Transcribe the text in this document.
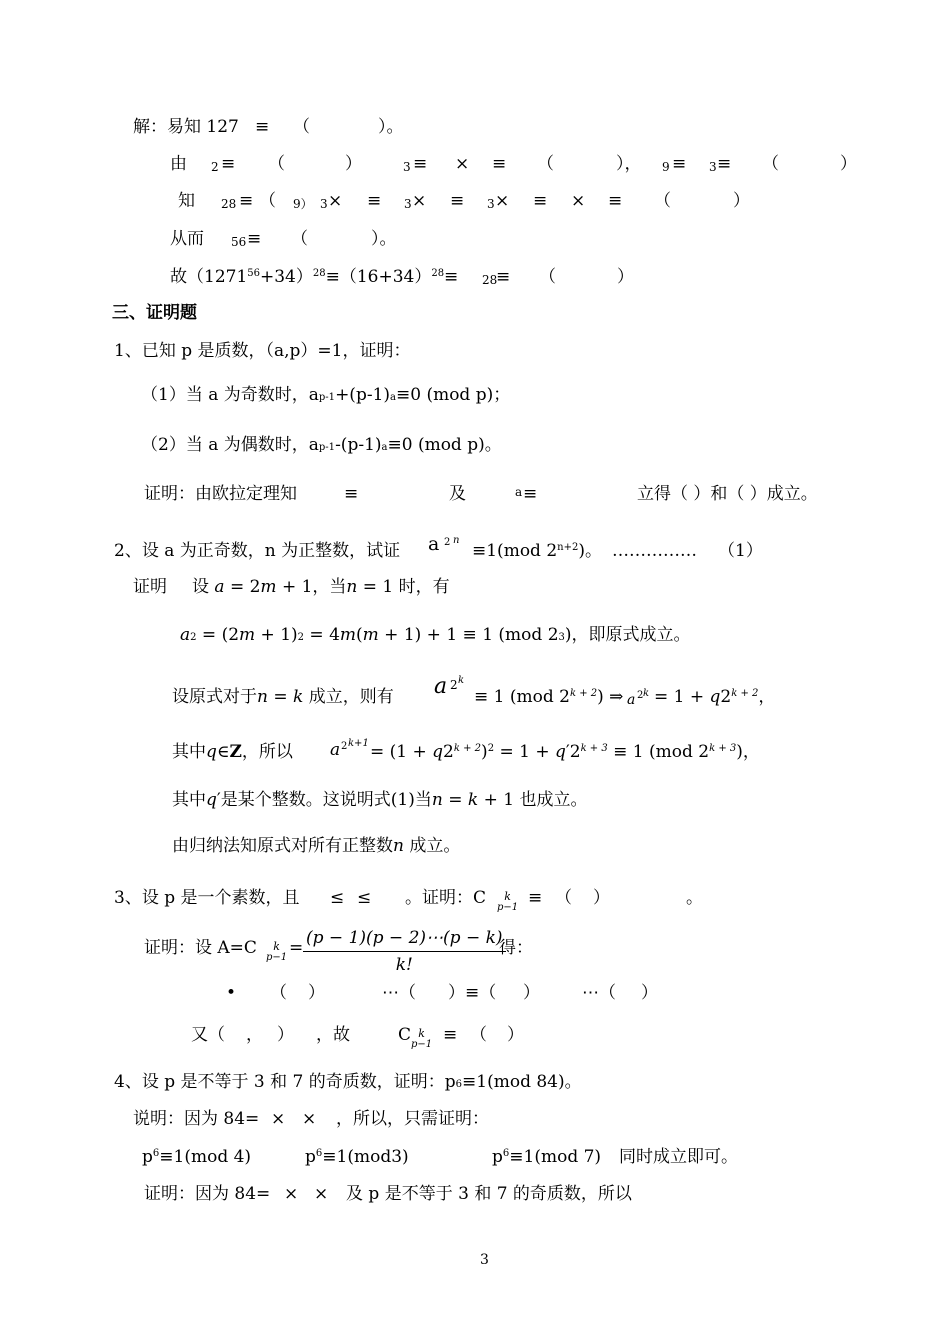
解：易知 127 ≡ （	）。
由 2 ≡ （	）	3 ≡ × ≡ （	）， 9 ≡ 3 ≡ （	）
知 28 ≡ （ 9） 3 × ≡ 3 × ≡ 3 × ≡ × ≡ （	）
从而 56 ≡ （	）。
故$(1271^{56}+34)^{28}\equiv(16+34)^{28} \equiv 28$
≡ （	）
三、证明题
1、已知 p 是质数，（a,p）=1，证明：
（1）当 a 为奇数时，ap-1+(p-1)a≡0 (mod p)；
（2）当 a 为偶数时，ap-1-(p-1)a≡0 (mod p)。
证明：由欧拉定理知	≡	及	a ≡	立得（ ）和（ ）成立。
2、设 a 为正奇数，n 为正整数，试证 a 2 n
≡1(mod $2^{n+2}$)。 …………… （1）
证明 设 a = 2m + 1，当n = 1 时，有
a2 = (2m + 1)2 = 4m(m + 1) + 1 ≡ 1 (mod 23)，即原式成立。
设原式对于n = k 成立，则有 a 2 k
≡ 1 (mod $2^{k + 2}$) ⇒ a 2 $k = 1 + q2^{k + 2}$，
其中q∈Z，所以 a 2 $k+1 = (1 + q2^{k + 2})^2 = 1 + q'2^{k + 3} \equiv 1$ (mod $2^{k + 3}$)，
其中q′是某个整数。这说明式(1)当n = k + 1 也成立。
由归纳法知原式对所有正整数n 成立。
3、设 p 是一个素数，且 ≤ ≤ 。证明：C	k
p−1 ≡ （ ）	。
证明：设 A=C	k
$p-1 = \frac{(p - 1)(p - 2)\cdots(p - k)}{k!}$
得：
• （ ）	⋯（ ）≡（ ） ⋯（ ）
又（ ， ） ，故	C k
p−1 ≡ （ ）
4、设 p 是不等于 3 和 7 的奇质数，证明：p6≡1(mod 84)。
说明：因为 84= × × ，所以，只需证明：
$p^6\equiv 1(mod$ 4)	$p^6\equiv 1(mod3)$	$p^6\equiv 1(mod$ 7) 同时成立即可。
证明：因为 84= × × 及 p 是不等于 3 和 7 的奇质数，所以
3
